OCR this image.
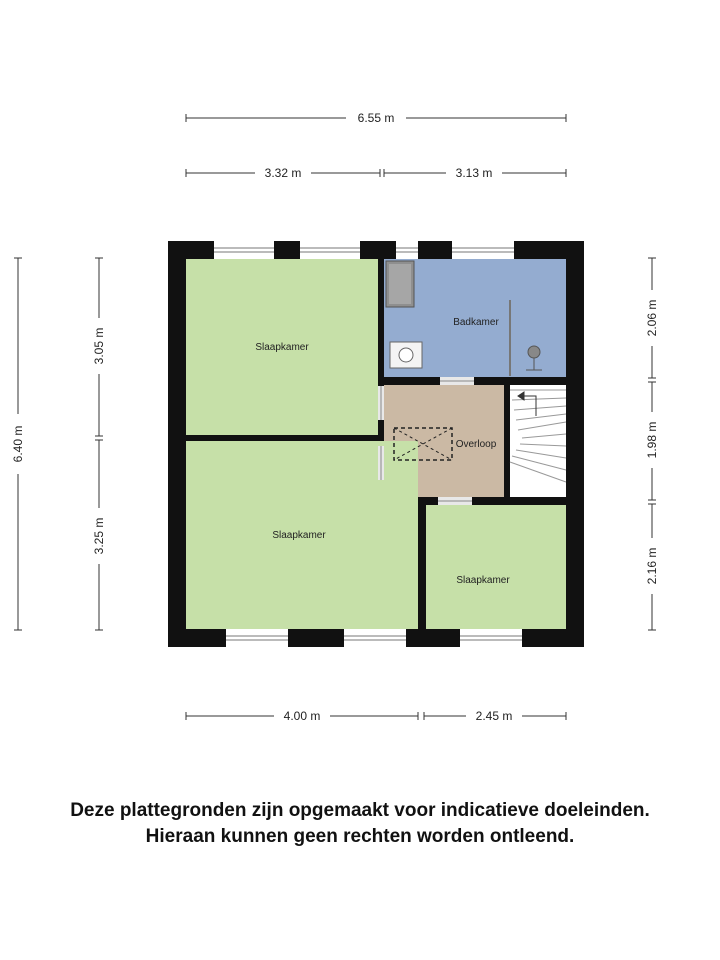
6.55 m
3.32 m	3.13 m
6.40 m
3.05 m
3.25 m
2.06 m
1.98 m
2.16 m
4.00 m	2.45 m
Slaapkamer
Badkamer
Overloop
Slaapkamer
Slaapkamer
Deze plattegronden zijn opgemaakt voor indicatieve doeleinden.
Hieraan kunnen geen rechten worden ontleend.
